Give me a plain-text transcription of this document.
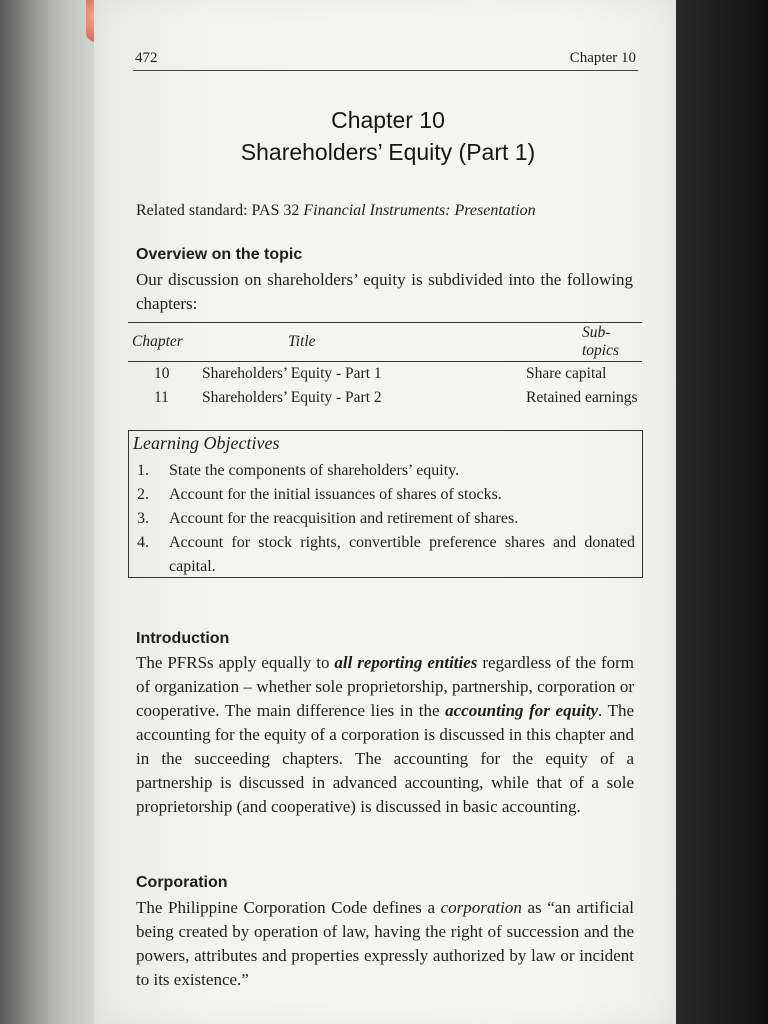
472	Chapter 10
Chapter 10
Shareholders’ Equity (Part 1)
Related standard: PAS 32 Financial Instruments: Presentation
Overview on the topic
Our discussion on shareholders’ equity is subdivided into the following chapters:
Chapter	Title	Sub-topics
10	Shareholders’ Equity - Part 1	Share capital
11	Shareholders’ Equity - Part 2	Retained earnings
Learning Objectives
1.	State the components of shareholders’ equity.
2.	Account for the initial issuances of shares of stocks.
3.	Account for the reacquisition and retirement of shares.
4.	Account for stock rights, convertible preference shares and donated capital.
Introduction
The PFRSs apply equally to all reporting entities regardless of the form of organization – whether sole proprietorship, partnership, corporation or cooperative. The main difference lies in the accounting for equity. The accounting for the equity of a corporation is discussed in this chapter and in the succeeding chapters. The accounting for the equity of a partnership is discussed in advanced accounting, while that of a sole proprietorship (and cooperative) is discussed in basic accounting.
Corporation
The Philippine Corporation Code defines a corporation as “an artificial being created by operation of law, having the right of succession and the powers, attributes and properties expressly authorized by law or incident to its existence.”
